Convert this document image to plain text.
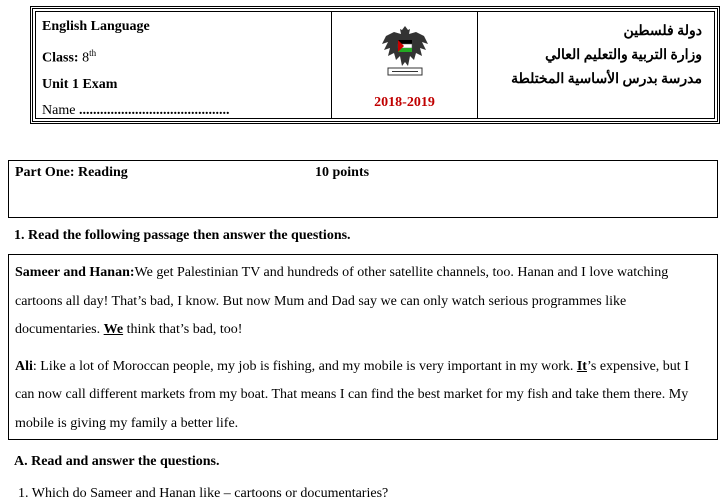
English Language
Class: 8th
Unit 1 Exam
Name ...........................................
2018-2019
دولة فلسطين
وزارة التربية والتعليم العالي
مدرسة بدرس الأساسية المختلطة
Part One: Reading	10 points
1. Read the following passage then answer the questions.

Sameer and Hanan:We get Palestinian TV and hundreds of other satellite channels, too. Hanan and I love watching cartoons all day! That’s bad, I know. But now Mum and Dad say we can only watch serious programmes like documentaries. We think that’s bad, too!

Ali: Like a lot of Moroccan people, my job is fishing, and my mobile is very important in my work. It’s expensive, but I can now call different markets from my boat. That means I can find the best market for my fish and take them there. My mobile is giving my family a better life.

A. Read and answer the questions.
1. Which do Sameer and Hanan like – cartoons or documentaries?
